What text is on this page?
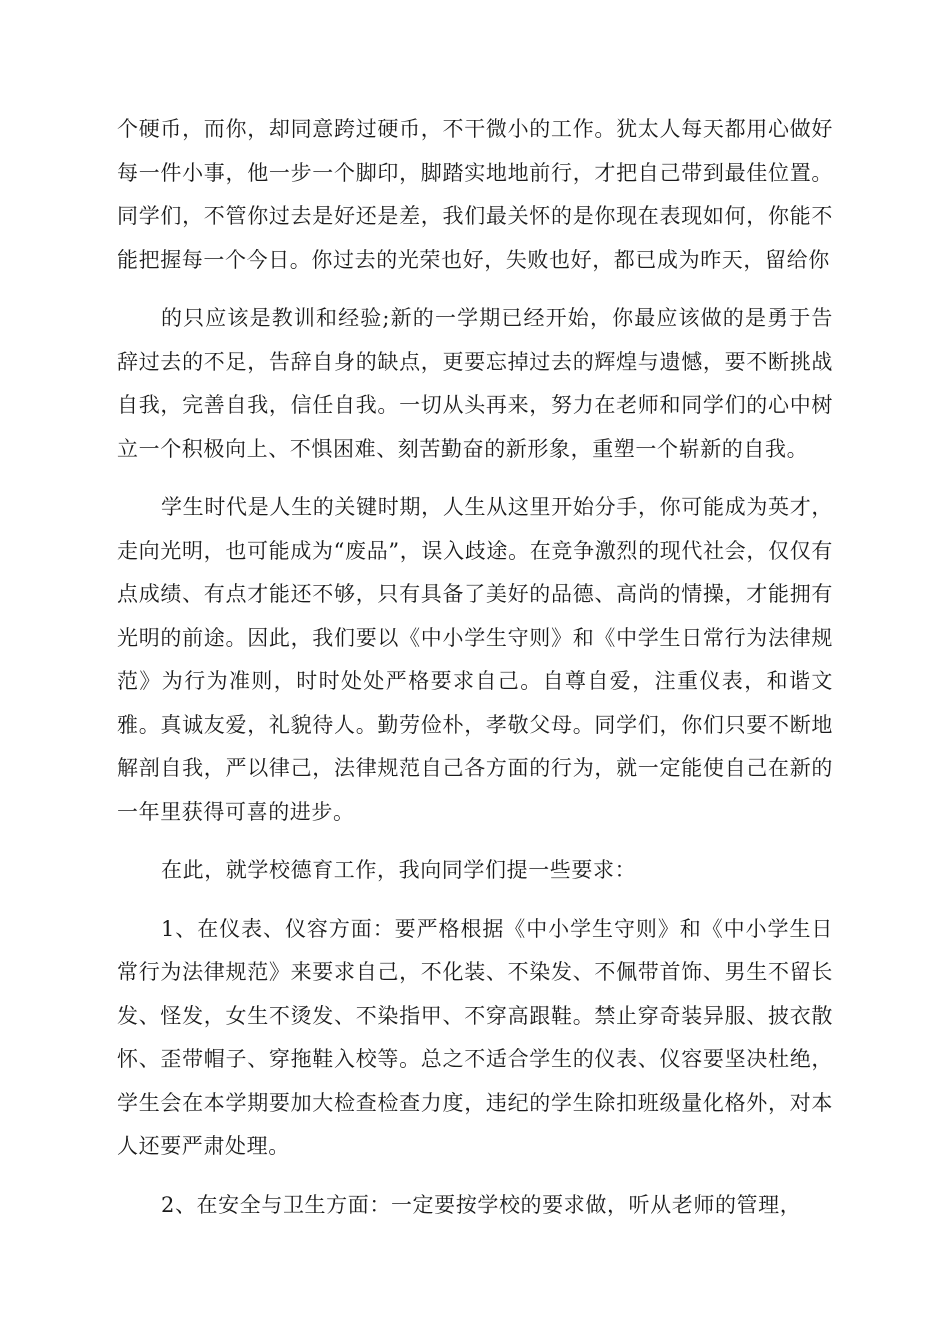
个硬币，而你，却同意跨过硬币，不干微小的工作。犹太人每天都用心做好每一件小事，他一步一个脚印，脚踏实地地前行，才把自己带到最佳位置。同学们，不管你过去是好还是差，我们最关怀的是你现在表现如何，你能不能把握每一个今日。你过去的光荣也好，失败也好，都已成为昨天，留给你

的只应该是教训和经验;新的一学期已经开始，你最应该做的是勇于告辞过去的不足，告辞自身的缺点，更要忘掉过去的辉煌与遗憾，要不断挑战自我，完善自我，信任自我。一切从头再来，努力在老师和同学们的心中树立一个积极向上、不惧困难、刻苦勤奋的新形象，重塑一个崭新的自我。

学生时代是人生的关键时期，人生从这里开始分手，你可能成为英才，走向光明，也可能成为“废品”，误入歧途。在竞争激烈的现代社会，仅仅有点成绩、有点才能还不够，只有具备了美好的品德、高尚的情操，才能拥有光明的前途。因此，我们要以《中小学生守则》和《中学生日常行为法律规范》为行为准则，时时处处严格要求自己。自尊自爱，注重仪表，和谐文雅。真诚友爱，礼貌待人。勤劳俭朴，孝敬父母。同学们，你们只要不断地解剖自我，严以律己，法律规范自己各方面的行为，就一定能使自己在新的一年里获得可喜的进步。

在此，就学校德育工作，我向同学们提一些要求：

1、在仪表、仪容方面：要严格根据《中小学生守则》和《中小学生日常行为法律规范》来要求自己，不化装、不染发、不佩带首饰、男生不留长发、怪发，女生不烫发、不染指甲、不穿高跟鞋。禁止穿奇装异服、披衣散怀、歪带帽子、穿拖鞋入校等。总之不适合学生的仪表、仪容要坚决杜绝，学生会在本学期要加大检查检查力度，违纪的学生除扣班级量化格外，对本人还要严肃处理。

2、在安全与卫生方面：一定要按学校的要求做，听从老师的管理，
